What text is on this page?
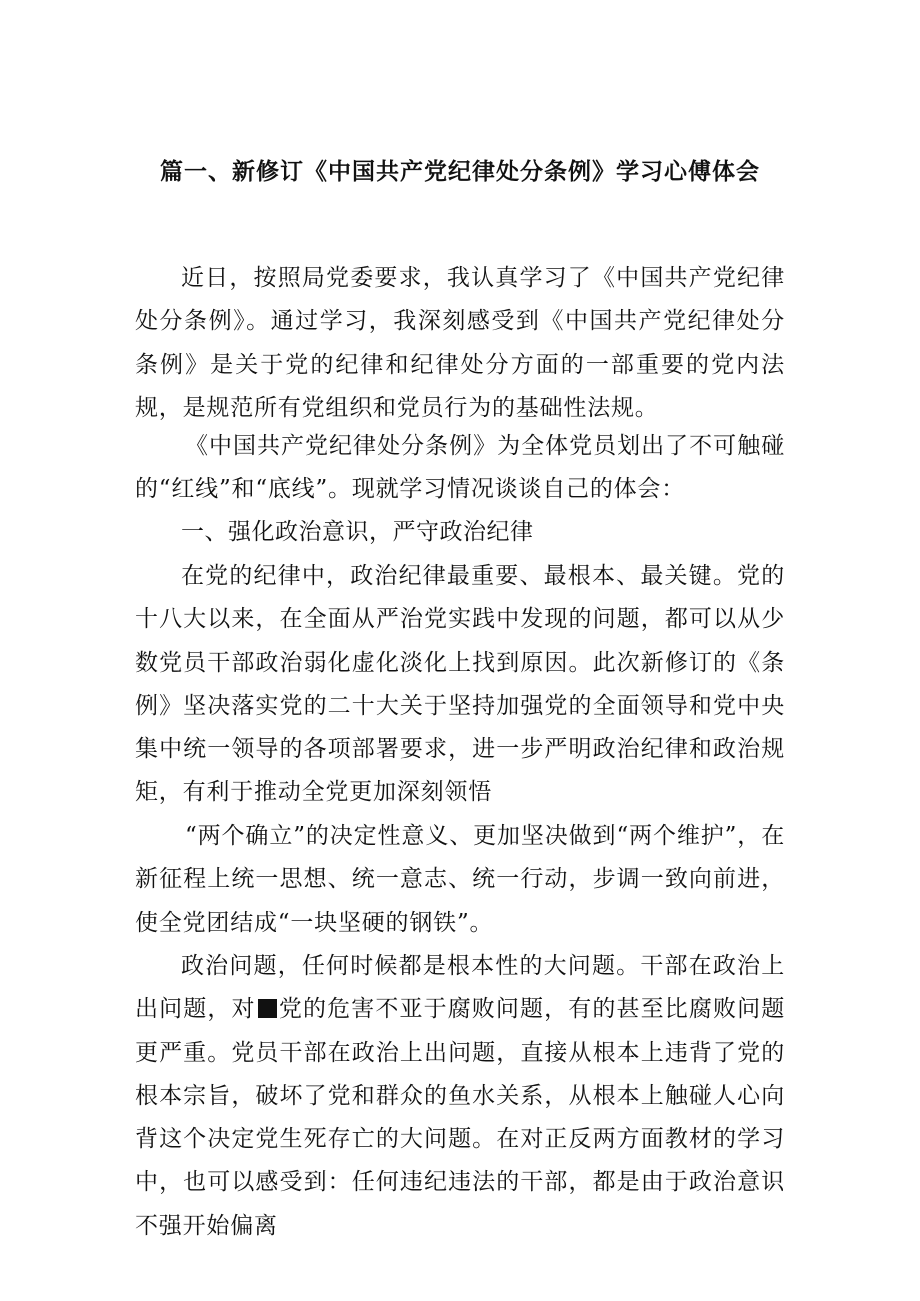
篇一、新修订《中国共产党纪律处分条例》学习心傅体会

近日，按照局党委要求，我认真学习了《中国共产党纪律处分条例》。通过学习，我深刻感受到《中国共产党纪律处分条例》是关于党的纪律和纪律处分方面的一部重要的党内法规，是规范所有党组织和党员行为的基础性法规。

《中国共产党纪律处分条例》为全体党员划出了不可触碰的“红线”和“底线”。现就学习情况谈谈自己的体会：

一、强化政治意识，严守政治纪律

在党的纪律中，政治纪律最重要、最根本、最关键。党的十八大以来，在全面从严治党实践中发现的问题，都可以从少数党员干部政治弱化虚化淡化上找到原因。此次新修订的《条例》坚决落实党的二十大关于坚持加强党的全面领导和党中央集中统一领导的各项部署要求，进一步严明政治纪律和政治规矩，有利于推动全党更加深刻领悟

“两个确立”的决定性意义、更加坚决做到“两个维护”，在新征程上统一思想、统一意志、统一行动，步调一致向前进，使全党团结成“一块坚硬的钢铁”。

政治问题，任何时候都是根本性的大问题。干部在政治上出问题，对 党的危害不亚于腐败问题，有的甚至比腐败问题更严重。党员干部在政治上出问题，直接从根本上违背了党的根本宗旨，破坏了党和群众的鱼水关系，从根本上触碰人心向背这个决定党生死存亡的大问题。在对正反两方面教材的学习中，也可以感受到：任何违纪违法的干部，都是由于政治意识不强开始偏离
